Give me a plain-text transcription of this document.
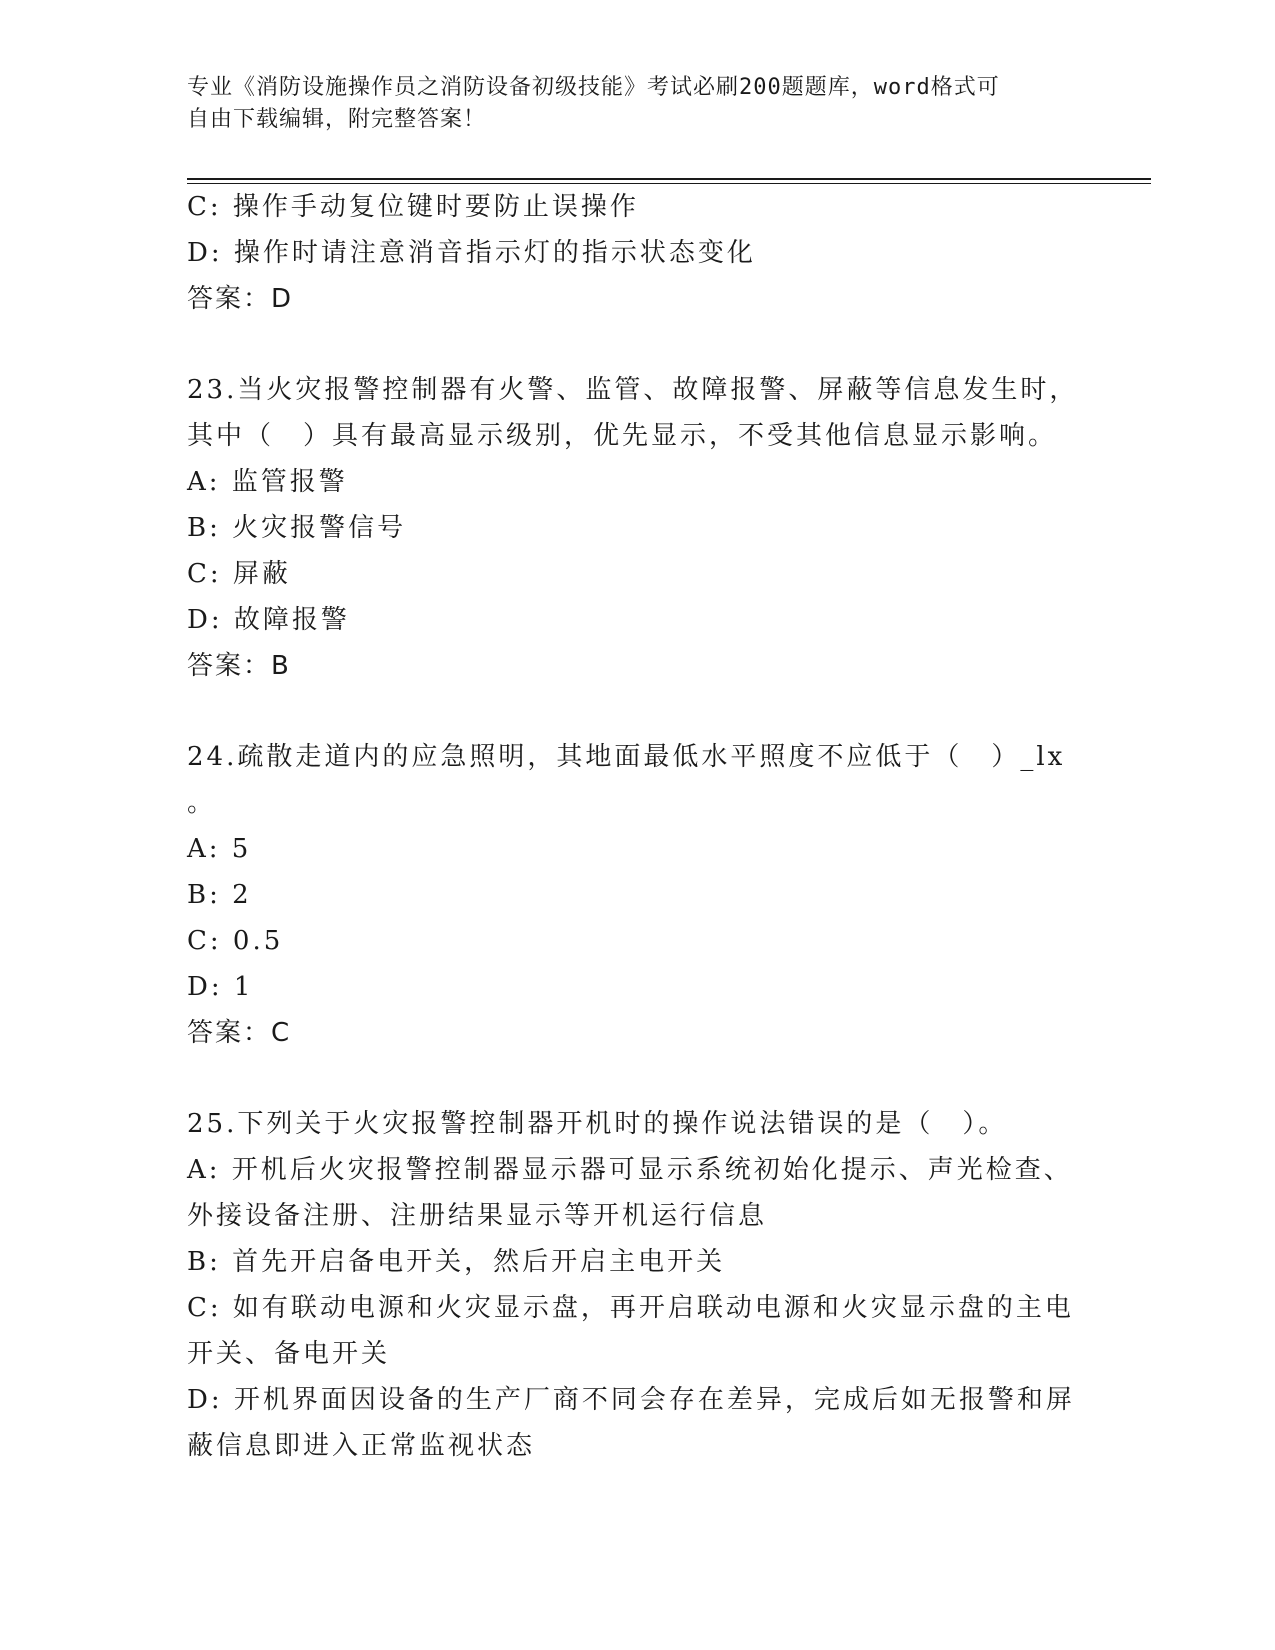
专业《消防设施操作员之消防设备初级技能》考试必刷200题题库，word格式可
自由下载编辑，附完整答案！
C: 操作手动复位键时要防止误操作
D: 操作时请注意消音指示灯的指示状态变化
答案：D
23.当火灾报警控制器有火警、监管、故障报警、屏蔽等信息发生时，
其中（　）具有最高显示级别，优先显示，不受其他信息显示影响。
A: 监管报警
B: 火灾报警信号
C: 屏蔽
D: 故障报警
答案：B
24.疏散走道内的应急照明，其地面最低水平照度不应低于（　）_lx
。
A: 5
B: 2
C: 0.5
D: 1
答案：C
25.下列关于火灾报警控制器开机时的操作说法错误的是（　）。
A: 开机后火灾报警控制器显示器可显示系统初始化提示、声光检查、
外接设备注册、注册结果显示等开机运行信息
B: 首先开启备电开关，然后开启主电开关
C: 如有联动电源和火灾显示盘，再开启联动电源和火灾显示盘的主电
开关、备电开关
D: 开机界面因设备的生产厂商不同会存在差异，完成后如无报警和屏
蔽信息即进入正常监视状态
